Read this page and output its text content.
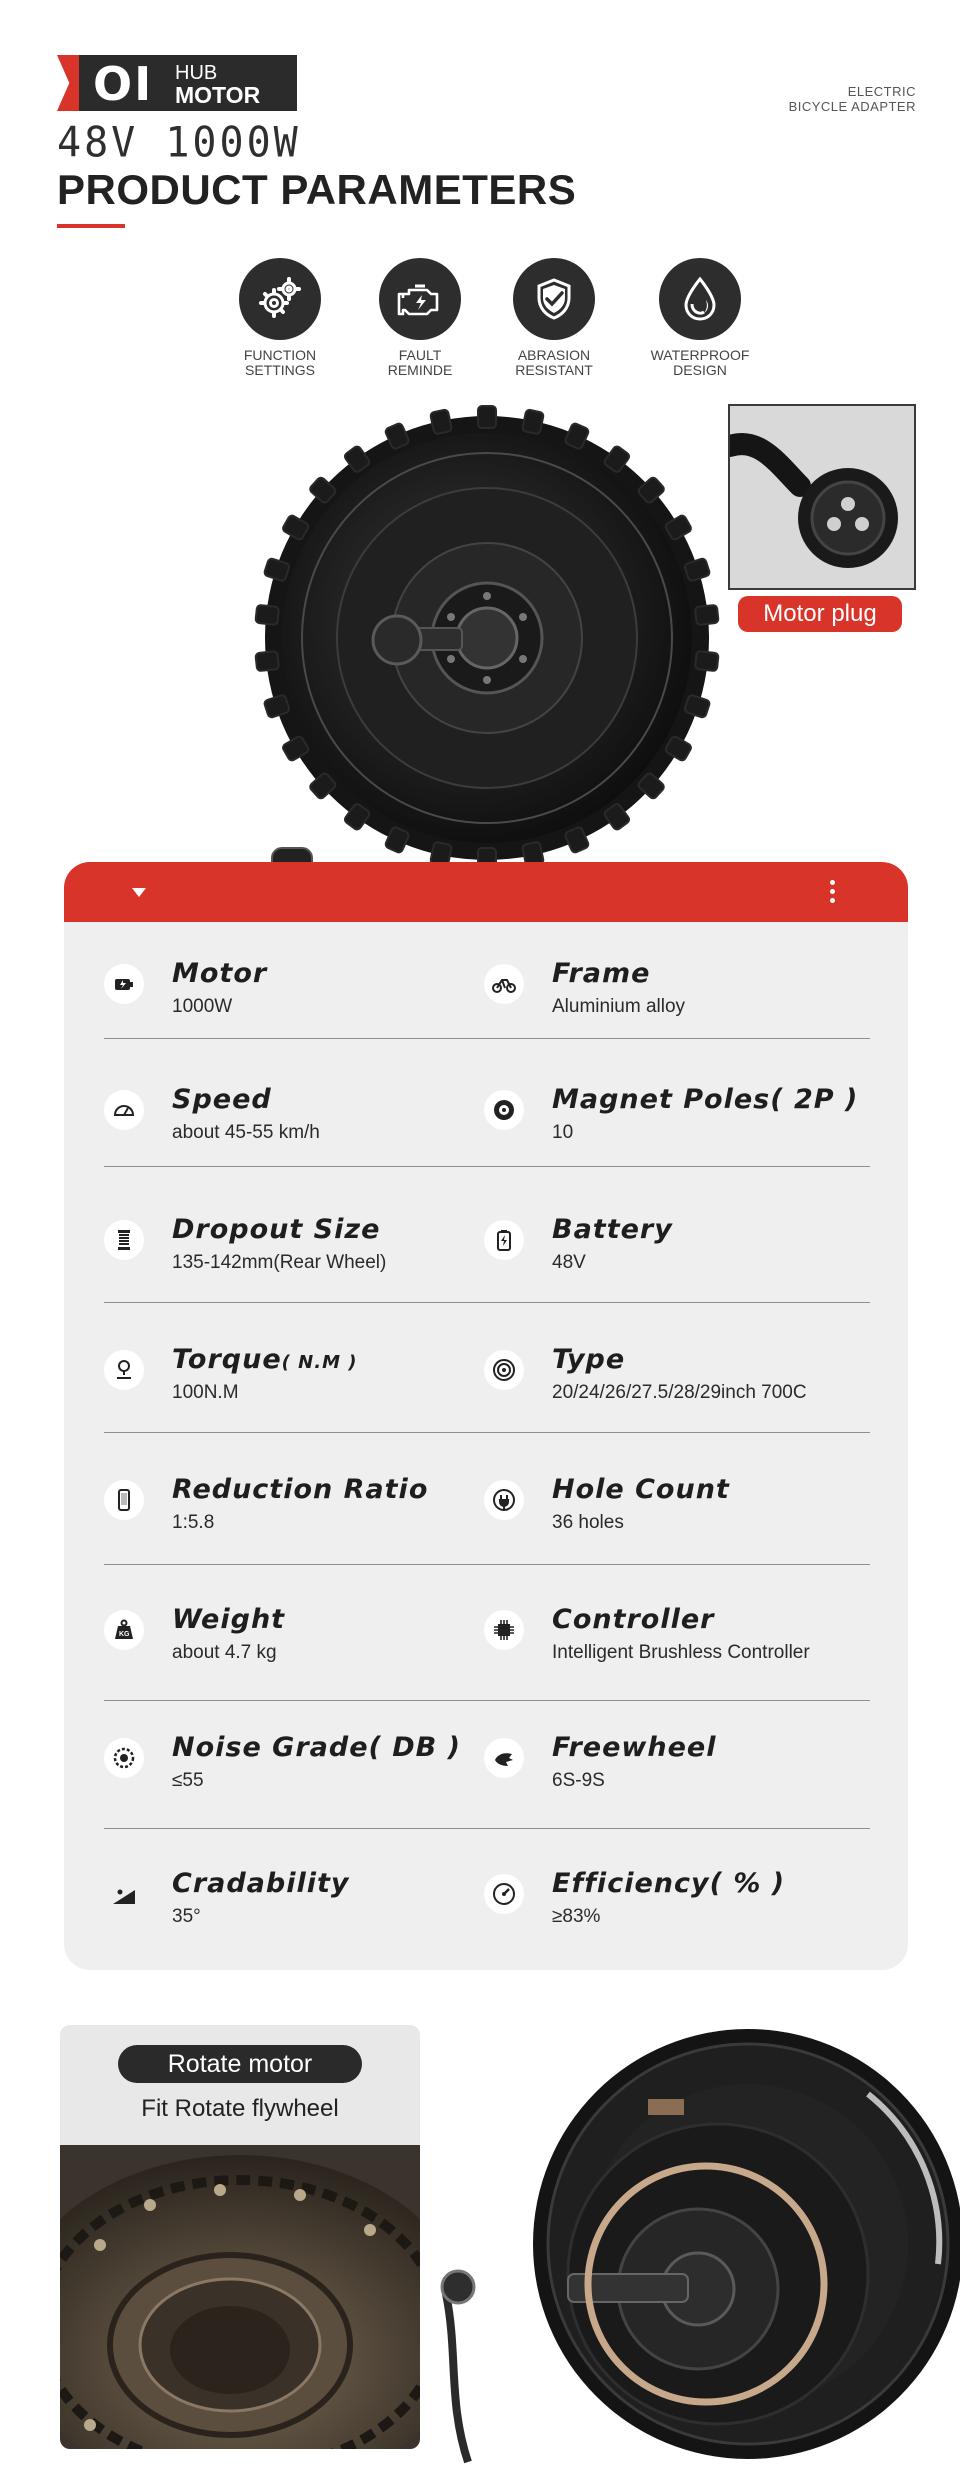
OI HUB
MOTOR	ELECTRIC
BICYCLE ADAPTER
48V 1000W
PRODUCT PARAMETERS
FUNCTION
SETTINGS
FAULT
REMINDE
ABRASION
RESISTANT
WATERPROOF
DESIGN
Motor plug
Motor
1000W
Frame
Aluminium alloy
Speed
about 45-55 km/h
Magnet Poles( 2P )
10
Dropout Size
135-142mm(Rear Wheel)
Battery
48V
Torque( N.M )
100N.M
Type
20/24/26/27.5/28/29inch 700C
Reduction Ratio
1:5.8
Hole Count
36 holes
KG Weight
about 4.7 kg
Controller
Intelligent Brushless Controller
Noise Grade( DB )
≤55
Freewheel
6S-9S
Cradability
35°
Efficiency( % )
≥83%
Rotate motor
Fit Rotate flywheel
